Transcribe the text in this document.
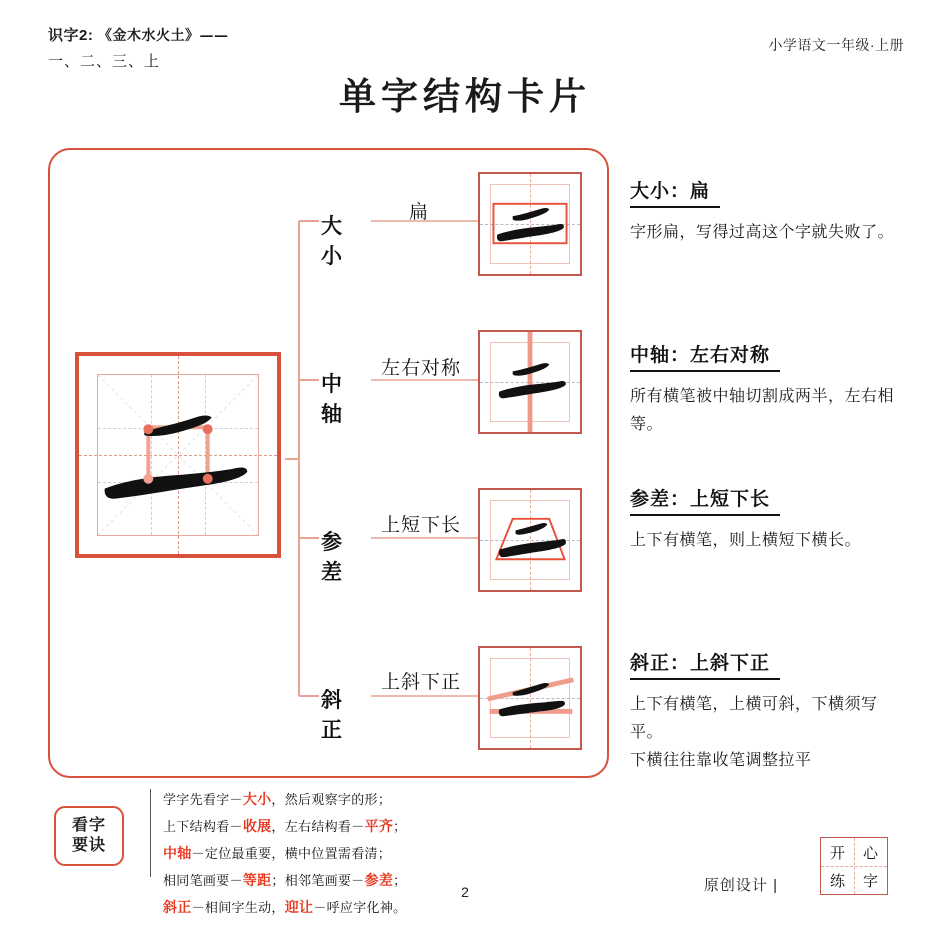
识字2: 《金木水火土》——
一、二、三、上
小学语文一年级·上册
单字结构卡片
大小
扁
中轴
左右对称
参差
上短下长
斜正
上斜下正
大小：扁
字形扁，写得过高这个字就失败了。
中轴：左右对称
所有横笔被中轴切割成两半，左右相等。
参差：上短下长
上下有横笔，则上横短下横长。
斜正：上斜下正
上下有横笔，上横可斜，下横须写平。
下横往往靠收笔调整拉平
看字
要诀
学字先看字－大小，然后观察字的形；
上下结构看－收展，左右结构看－平齐；
中轴－定位最重要，横中位置需看清；
相同笔画要－等距；相邻笔画要－参差；
斜正－相间字生动，迎让－呼应字化神。
2	原创设计 |
开	心
练	字
